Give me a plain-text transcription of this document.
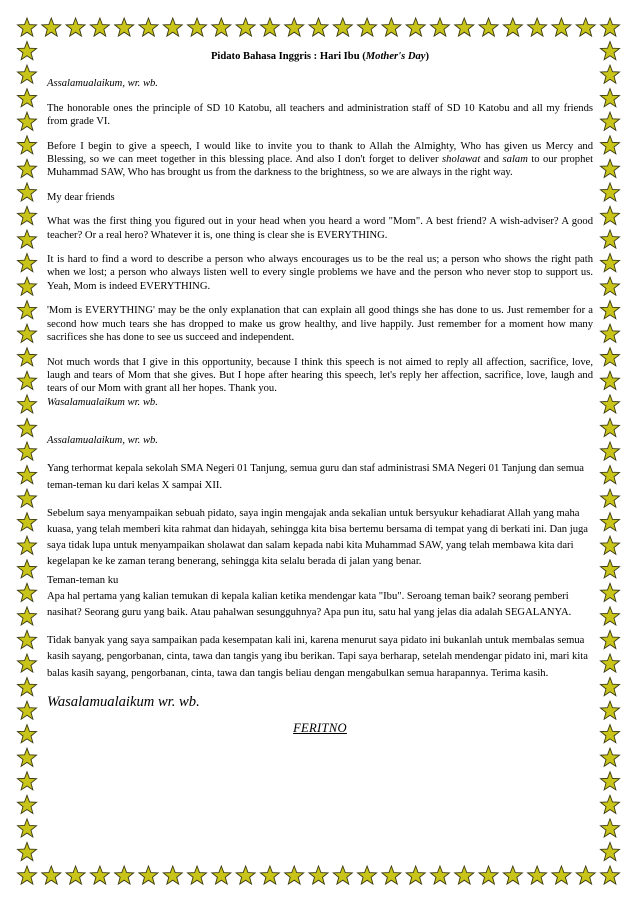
Pidato Bahasa Inggris : Hari Ibu (Mother's Day)

Assalamualaikum, wr. wb.

The honorable ones the principle of SD 10 Katobu, all teachers and administration staff of SD 10 Katobu and all my friends from grade VI.

Before I begin to give a speech, I would like to invite you to thank to Allah the Almighty, Who has given us Mercy and Blessing, so we can meet together in this blessing place. And also I don't forget to deliver sholawat and salam to our prophet Muhammad SAW, Who has brought us from the darkness to the brightness, so we are always in the right way.

My dear friends

What was the first thing you figured out in your head when you heard a word "Mom". A best friend? A wish-adviser? A good teacher? Or a real hero? Whatever it is, one thing is clear she is EVERYTHING.

It is hard to find a word to describe a person who always encourages us to be the real us; a person who shows the right path when we lost; a person who always listen well to every single problems we have and the person who never stop to support us. Yeah, Mom is indeed EVERYTHING.

'Mom is EVERYTHING' may be the only explanation that can explain all good things she has done to us. Just remember for a second how much tears she has dropped to make us grow healthy, and live happily. Just remember for a moment how many sacrifices she has done to see us succeed and independent.

Not much words that I give in this opportunity, because I think this speech is not aimed to reply all affection, sacrifice, love, laugh and tears of Mom that she gives. But I hope after hearing this speech, let's reply her affection, sacrifice, love, laugh and tears of our Mom with grant all her hopes. Thank you.

Wasalamualaikum wr. wb.

Assalamualaikum, wr. wb.

Yang terhormat kepala sekolah SMA Negeri 01 Tanjung, semua guru dan staf administrasi SMA Negeri 01 Tanjung dan semua teman-teman ku dari kelas X sampai XII.

Sebelum saya menyampaikan sebuah pidato, saya ingin mengajak anda sekalian untuk bersyukur kehadiarat Allah yang maha kuasa, yang telah memberi kita rahmat dan hidayah, sehingga kita bisa bertemu bersama di tempat yang di berkati ini. Dan juga saya tidak lupa untuk menyampaikan sholawat dan salam kepada nabi kita Muhammad SAW, yang telah membawa kita dari kegelapan ke ke zaman terang benerang, sehingga kita selalu berada di jalan yang benar.

Teman-teman ku

Apa hal pertama yang kalian temukan di kepala kalian ketika mendengar kata "Ibu". Seroang teman baik? seorang pemberi nasihat? Seorang guru yang baik. Atau pahalwan sesungguhnya? Apa pun itu, satu hal yang jelas dia adalah SEGALANYA.

Tidak banyak yang saya sampaikan pada kesempatan kali ini, karena menurut saya pidato ini bukanlah untuk membalas semua kasih sayang, pengorbanan, cinta, tawa dan tangis yang ibu berikan. Tapi saya berharap, setelah mendengar pidato ini, mari kita balas kasih sayang, pengorbanan, cinta, tawa dan tangis beliau dengan mengabulkan semua harapannya. Terima kasih.

Wasalamualaikum wr. wb.

FERITNO
